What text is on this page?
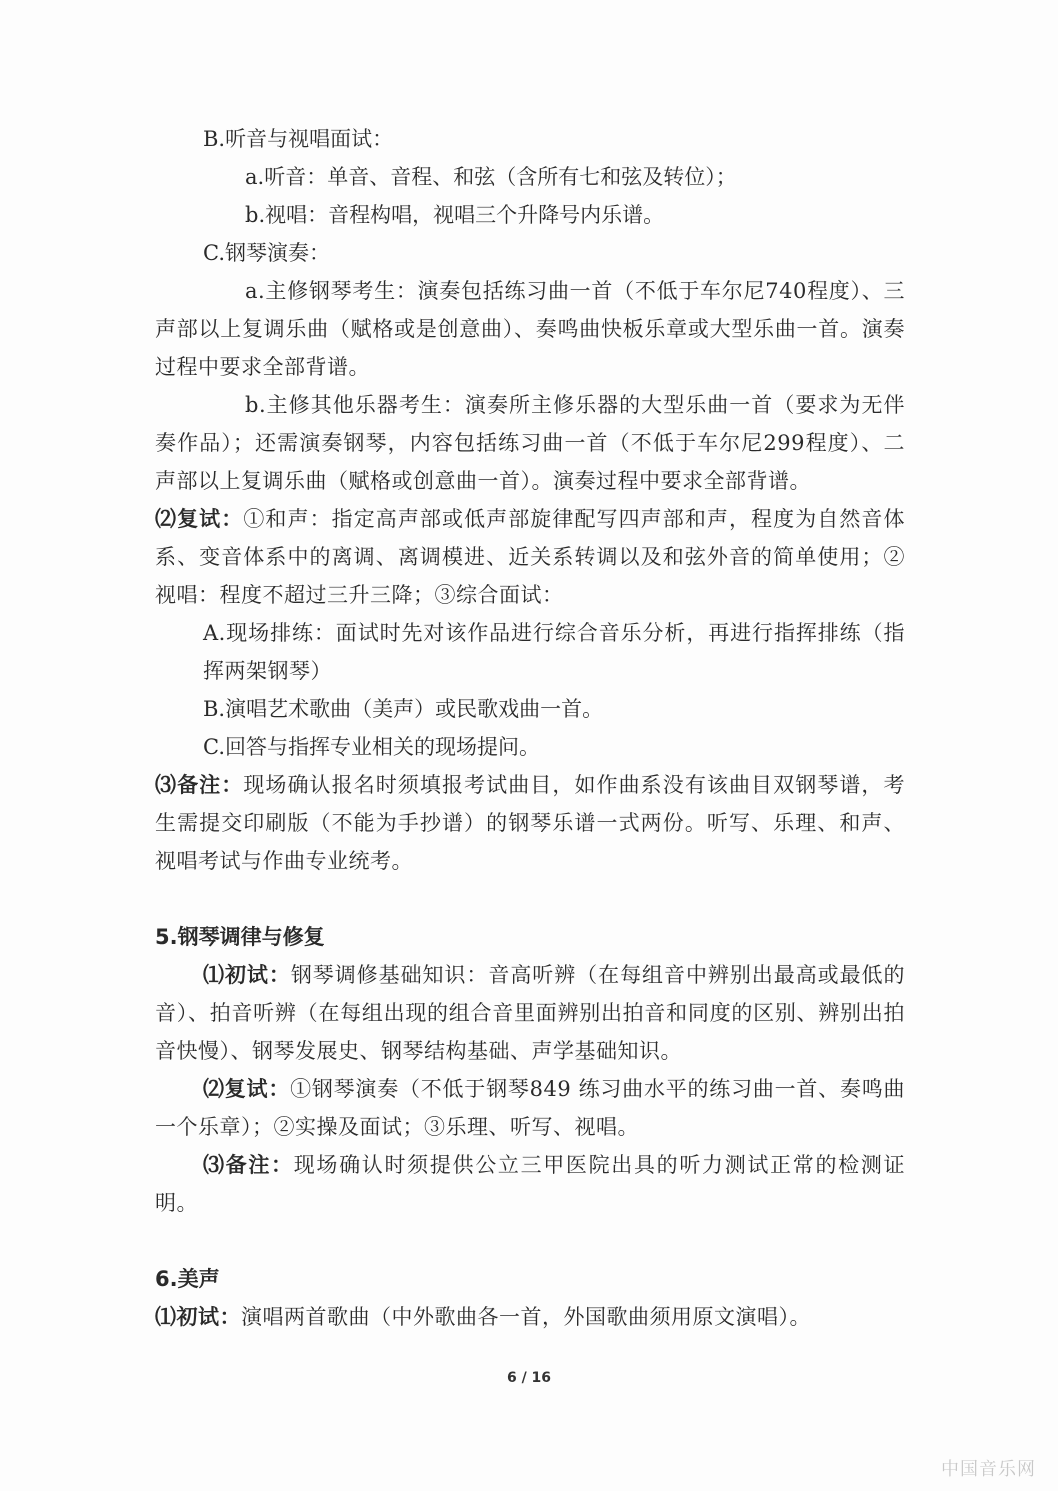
B.听音与视唱面试：
a.听音：单音、音程、和弦（含所有七和弦及转位）；
b.视唱：音程构唱，视唱三个升降号内乐谱。
C.钢琴演奏：
a.主修钢琴考生：演奏包括练习曲一首（不低于车尔尼740程度）、三声部以上复调乐曲（赋格或是创意曲）、奏鸣曲快板乐章或大型乐曲一首。演奏过程中要求全部背谱。
b.主修其他乐器考生：演奏所主修乐器的大型乐曲一首（要求为无伴奏作品）；还需演奏钢琴，内容包括练习曲一首（不低于车尔尼299程度）、二声部以上复调乐曲（赋格或创意曲一首）。演奏过程中要求全部背谱。
⑵复试：①和声：指定高声部或低声部旋律配写四声部和声，程度为自然音体系、变音体系中的离调、离调模进、近关系转调以及和弦外音的简单使用；②视唱：程度不超过三升三降；③综合面试：
A.现场排练：面试时先对该作品进行综合音乐分析，再进行指挥排练（指挥两架钢琴）
B.演唱艺术歌曲（美声）或民歌戏曲一首。
C.回答与指挥专业相关的现场提问。
⑶备注：现场确认报名时须填报考试曲目，如作曲系没有该曲目双钢琴谱，考生需提交印刷版（不能为手抄谱）的钢琴乐谱一式两份。听写、乐理、和声、视唱考试与作曲专业统考。
5.钢琴调律与修复
⑴初试：钢琴调修基础知识：音高听辨（在每组音中辨别出最高或最低的音）、拍音听辨（在每组出现的组合音里面辨别出拍音和同度的区别、辨别出拍音快慢）、钢琴发展史、钢琴结构基础、声学基础知识。
⑵复试：①钢琴演奏（不低于钢琴849 练习曲水平的练习曲一首、奏鸣曲一个乐章）；②实操及面试；③乐理、听写、视唱。
⑶备注：现场确认时须提供公立三甲医院出具的听力测试正常的检测证明。
6.美声
⑴初试：演唱两首歌曲（中外歌曲各一首，外国歌曲须用原文演唱）。
6 / 16
中国音乐网
